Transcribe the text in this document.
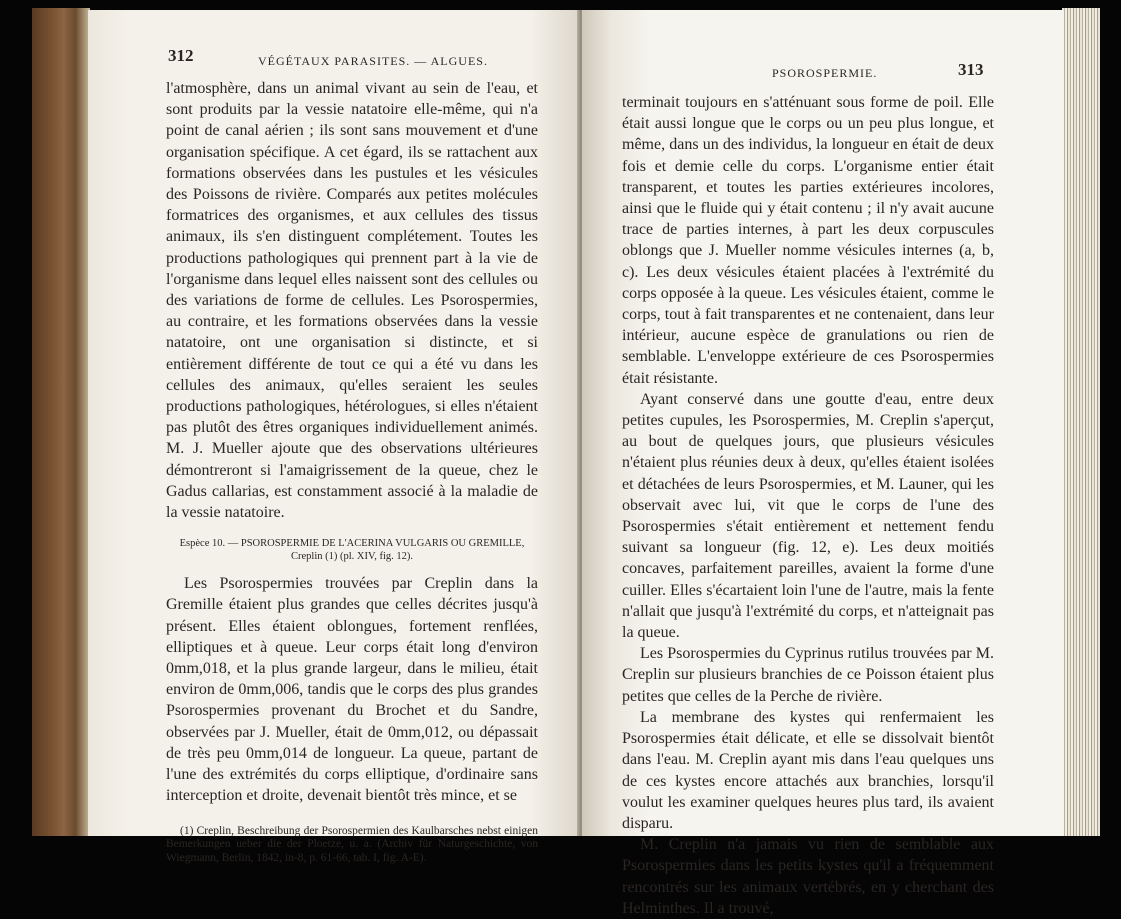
312	VÉGÉTAUX PARASITES. — ALGUES.

l'atmosphère, dans un animal vivant au sein de l'eau, et sont produits par la vessie natatoire elle-même, qui n'a point de canal aérien ; ils sont sans mouvement et d'une organisation spécifique. A cet égard, ils se rattachent aux formations observées dans les pustules et les vésicules des Poissons de rivière. Comparés aux petites molécules formatrices des organismes, et aux cellules des tissus animaux, ils s'en distinguent complétement. Toutes les productions pathologiques qui prennent part à la vie de l'organisme dans lequel elles naissent sont des cellules ou des variations de forme de cellules. Les Psorospermies, au contraire, et les formations observées dans la vessie natatoire, ont une organisation si distincte, et si entièrement différente de tout ce qui a été vu dans les cellules des animaux, qu'elles seraient les seules productions pathologiques, hétérologues, si elles n'étaient pas plutôt des êtres organiques individuellement animés. M. J. Mueller ajoute que des observations ultérieures démontreront si l'amaigrissement de la queue, chez le Gadus callarias, est constamment associé à la maladie de la vessie natatoire.

Espèce 10. — PSOROSPERMIE DE L'ACERINA VULGARIS OU GREMILLE,
Creplin (1) (pl. XIV, fig. 12).

Les Psorospermies trouvées par Creplin dans la Gremille étaient plus grandes que celles décrites jusqu'à présent. Elles étaient oblongues, fortement renflées, elliptiques et à queue. Leur corps était long d'environ 0mm,018, et la plus grande largeur, dans le milieu, était environ de 0mm,006, tandis que le corps des plus grandes Psorospermies provenant du Brochet et du Sandre, observées par J. Mueller, était de 0mm,012, ou dépassait de très peu 0mm,014 de longueur. La queue, partant de l'une des extrémités du corps elliptique, d'ordinaire sans interception et droite, devenait bientôt très mince, et se

(1) Creplin, Beschreibung der Psorospermien des Kaulbarsches nebst einigen Bemerkungen ueber die der Ploetze, u. a. (Archiv für Naturgeschichte, von Wiegmann, Berlin, 1842, in-8, p. 61-66, tab. I, fig. A-E).
PSOROSPERMIE.	313

terminait toujours en s'atténuant sous forme de poil. Elle était aussi longue que le corps ou un peu plus longue, et même, dans un des individus, la longueur en était de deux fois et demie celle du corps. L'organisme entier était transparent, et toutes les parties extérieures incolores, ainsi que le fluide qui y était contenu ; il n'y avait aucune trace de parties internes, à part les deux corpuscules oblongs que J. Mueller nomme vésicules internes (a, b, c). Les deux vésicules étaient placées à l'extrémité du corps opposée à la queue. Les vésicules étaient, comme le corps, tout à fait transparentes et ne contenaient, dans leur intérieur, aucune espèce de granulations ou rien de semblable. L'enveloppe extérieure de ces Psorospermies était résistante.

Ayant conservé dans une goutte d'eau, entre deux petites cupules, les Psorospermies, M. Creplin s'aperçut, au bout de quelques jours, que plusieurs vésicules n'étaient plus réunies deux à deux, qu'elles étaient isolées et détachées de leurs Psorospermies, et M. Launer, qui les observait avec lui, vit que le corps de l'une des Psorospermies s'était entièrement et nettement fendu suivant sa longueur (fig. 12, e). Les deux moitiés concaves, parfaitement pareilles, avaient la forme d'une cuiller. Elles s'écartaient loin l'une de l'autre, mais la fente n'allait que jusqu'à l'extrémité du corps, et n'atteignait pas la queue.

Les Psorospermies du Cyprinus rutilus trouvées par M. Creplin sur plusieurs branchies de ce Poisson étaient plus petites que celles de la Perche de rivière.

La membrane des kystes qui renfermaient les Psorospermies était délicate, et elle se dissolvait bientôt dans l'eau. M. Creplin ayant mis dans l'eau quelques uns de ces kystes encore attachés aux branchies, lorsqu'il voulut les examiner quelques heures plus tard, ils avaient disparu.

M. Creplin n'a jamais vu rien de semblable aux Psorospermies dans les petits kystes qu'il a fréquemment rencontrés sur les animaux vertébrés, en y cherchant des Helminthes. Il a trouvé,
